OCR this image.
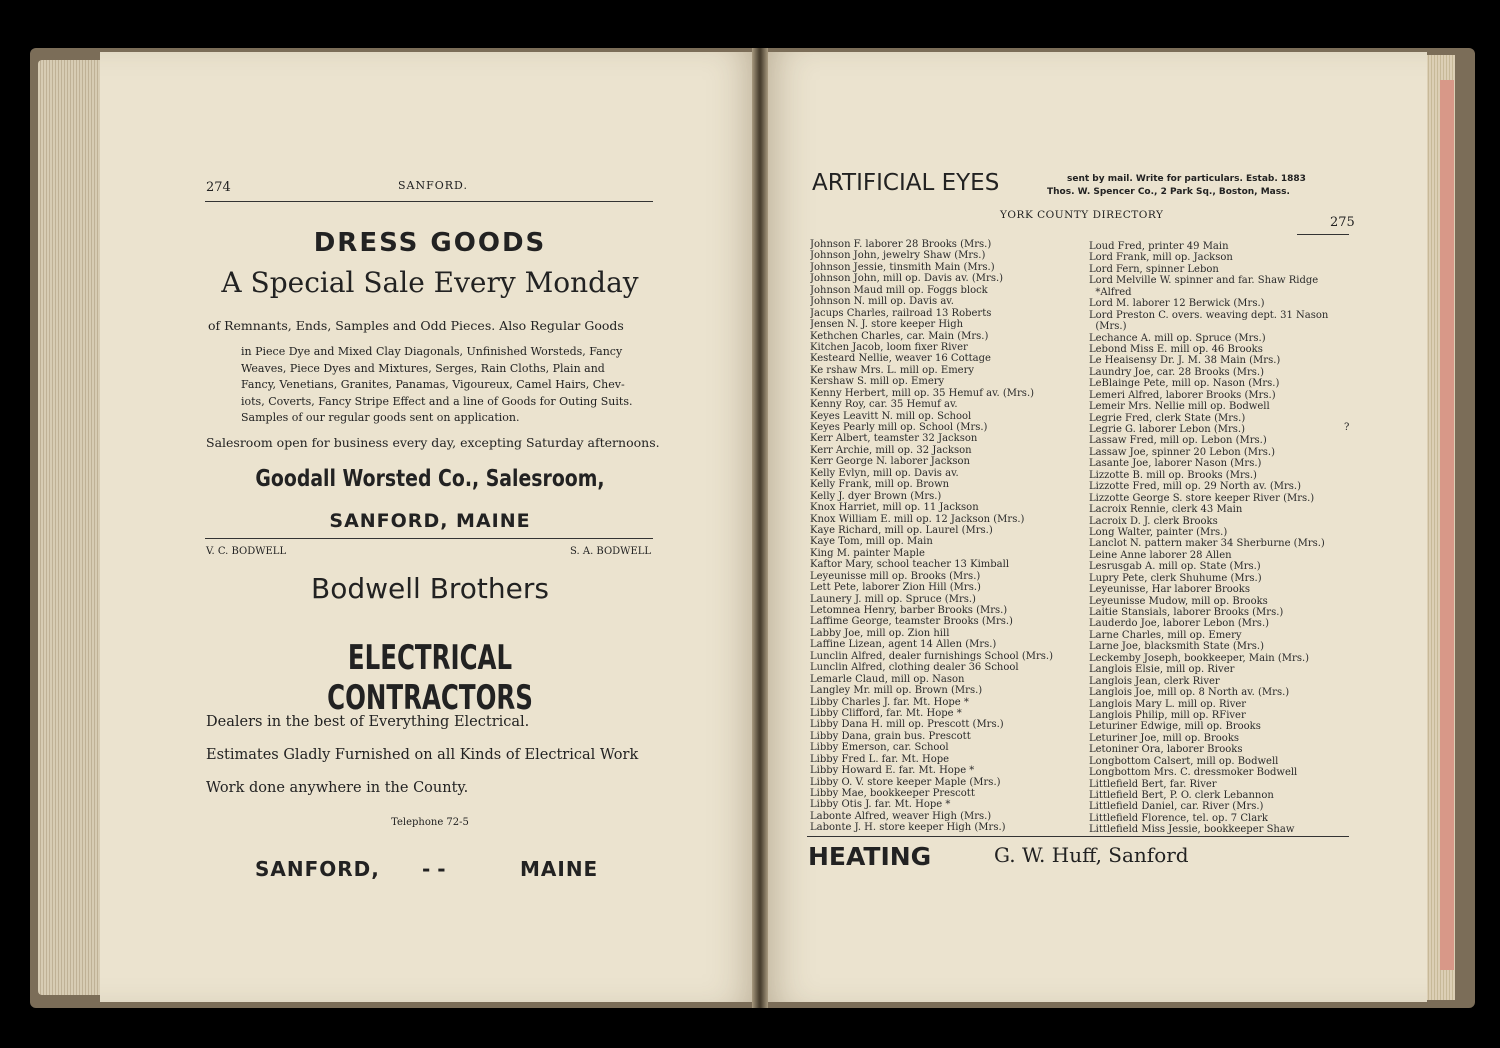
274	SANFORD.
DRESS GOODS
A Special Sale Every Monday
of Remnants, Ends, Samples and Odd Pieces. Also Regular Goods
in Piece Dye and Mixed Clay Diagonals, Unfinished Worsteds, Fancy
Weaves, Piece Dyes and Mixtures, Serges, Rain Cloths, Plain and
Fancy, Venetians, Granites, Panamas, Vigoureux, Camel Hairs, Chev-
iots, Coverts, Fancy Stripe Effect and a line of Goods for Outing Suits.
Samples of our regular goods sent on application.
Salesroom open for business every day, excepting Saturday afternoons.
Goodall Worsted Co., Salesroom,
SANFORD, MAINE
V. C. BODWELL	S. A. BODWELL
Bodwell Brothers
ELECTRICAL CONTRACTORS
Dealers in the best of Everything Electrical.
Estimates Gladly Furnished on all Kinds of Electrical Work
Work done anywhere in the County.
Telephone 72-5
SANFORD, - -	MAINE
ARTIFICIAL EYES	sent by mail. Write for particulars. Estab. 1883
Thos. W. Spencer Co., 2 Park Sq., Boston, Mass.
YORK COUNTY DIRECTORY	275
Johnson F. laborer 28 Brooks (Mrs.)
Johnson John, jewelry Shaw (Mrs.)
Johnson Jessie, tinsmith Main (Mrs.)
Johnson John, mill op. Davis av. (Mrs.)
Johnson Maud mill op. Foggs block
Johnson N. mill op. Davis av.
Jacups Charles, railroad 13 Roberts
Jensen N. J. store keeper High
Kethchen Charles, car. Main (Mrs.)
Kitchen Jacob, loom fixer River
Kesteard Nellie, weaver 16 Cottage
Ke rshaw Mrs. L. mill op. Emery
Kershaw S. mill op. Emery
Kenny Herbert, mill op. 35 Hemuf av. (Mrs.)
Kenny Roy, car. 35 Hemuf av.
Keyes Leavitt N. mill op. School
Keyes Pearly mill op. School (Mrs.)
Kerr Albert, teamster 32 Jackson
Kerr Archie, mill op. 32 Jackson
Kerr George N. laborer Jackson
Kelly Evlyn, mill op. Davis av.
Kelly Frank, mill op. Brown
Kelly J. dyer Brown (Mrs.)
Knox Harriet, mill op. 11 Jackson
Knox William E. mill op. 12 Jackson (Mrs.)
Kaye Richard, mill op. Laurel (Mrs.)
Kaye Tom, mill op. Main
King M. painter Maple
Kaftor Mary, school teacher 13 Kimball
Leyeunisse mill op. Brooks (Mrs.)
Lett Pete, laborer Zion Hill (Mrs.)
Launery J. mill op. Spruce (Mrs.)
Letomnea Henry, barber Brooks (Mrs.)
Laffime George, teamster Brooks (Mrs.)
Labby Joe, mill op. Zion hill
Laffine Lizean, agent 14 Allen (Mrs.)
Lunclin Alfred, dealer furnishings School (Mrs.)
Lunclin Alfred, clothing dealer 36 School
Lemarle Claud, mill op. Nason
Langley Mr. mill op. Brown (Mrs.)
Libby Charles J. far. Mt. Hope *
Libby Clifford, far. Mt. Hope *
Libby Dana H. mill op. Prescott (Mrs.)
Libby Dana, grain bus. Prescott
Libby Emerson, car. School
Libby Fred L. far. Mt. Hope
Libby Howard E. far. Mt. Hope *
Libby O. V. store keeper Maple (Mrs.)
Libby Mae, bookkeeper Prescott
Libby Otis J. far. Mt. Hope *
Labonte Alfred, weaver High (Mrs.)
Labonte J. H. store keeper High (Mrs.)
Loud Fred, printer 49 Main
Lord Frank, mill op. Jackson
Lord Fern, spinner Lebon
Lord Melville W. spinner and far. Shaw Ridge
*Alfred
Lord M. laborer 12 Berwick (Mrs.)
Lord Preston C. overs. weaving dept. 31 Nason
(Mrs.)
Lechance A. mill op. Spruce (Mrs.)
Lebond Miss E. mill op. 46 Brooks
Le Heaisensy Dr. J. M. 38 Main (Mrs.)
Laundry Joe, car. 28 Brooks (Mrs.)
LeBlainge Pete, mill op. Nason (Mrs.)
Lemeri Alfred, laborer Brooks (Mrs.)
Lemeir Mrs. Nellie mill op. Bodwell
Legrie Fred, clerk State (Mrs.)
Legrie G. laborer Lebon (Mrs.)
Lassaw Fred, mill op. Lebon (Mrs.)
Lassaw Joe, spinner 20 Lebon (Mrs.)
Lasante Joe, laborer Nason (Mrs.)
Lizzotte B. mill op. Brooks (Mrs.)
Lizzotte Fred, mill op. 29 North av. (Mrs.)
Lizzotte George S. store keeper River (Mrs.)
Lacroix Rennie, clerk 43 Main
Lacroix D. J. clerk Brooks
Long Walter, painter (Mrs.)
Lanclot N. pattern maker 34 Sherburne (Mrs.)
Leine Anne laborer 28 Allen
Lesrusgab A. mill op. State (Mrs.)
Lupry Pete, clerk Shuhume (Mrs.)
Leyeunisse, Har laborer Brooks
Leyeunisse Mudow, mill op. Brooks
Laitie Stansials, laborer Brooks (Mrs.)
Lauderdo Joe, laborer Lebon (Mrs.)
Larne Charles, mill op. Emery
Larne Joe, blacksmith State (Mrs.)
Leckemby Joseph, bookkeeper, Main (Mrs.)
Langlois Elsie, mill op. River
Langlois Jean, clerk River
Langlois Joe, mill op. 8 North av. (Mrs.)
Langlois Mary L. mill op. River
Langlois Philip, mill op. RFiver
Leturiner Edwige, mill op. Brooks
Leturiner Joe, mill op. Brooks
Letoniner Ora, laborer Brooks
Longbottom Calsert, mill op. Bodwell
Longbottom Mrs. C. dressmoker Bodwell
Littlefield Bert, far. River
Littlefield Bert, P. O. clerk Lebannon
Littlefield Daniel, car. River (Mrs.)
Littlefield Florence, tel. op. 7 Clark
Littlefield Miss Jessie, bookkeeper Shaw
?
HEATING	G. W. Huff, Sanford
